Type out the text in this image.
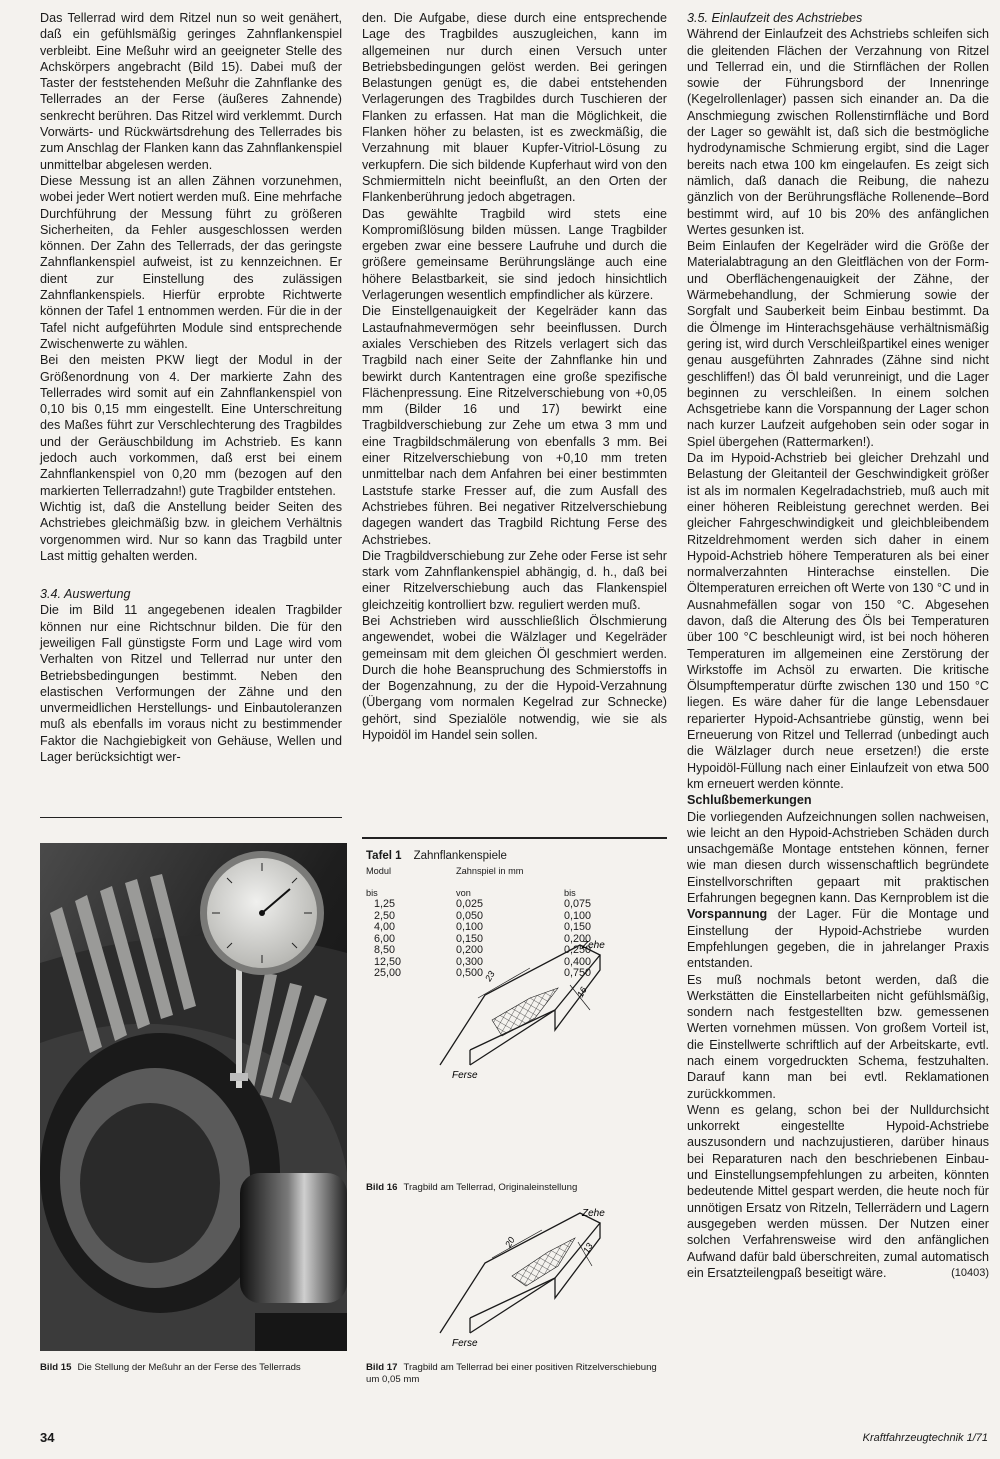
Das Tellerrad wird dem Ritzel nun so weit genähert, daß ein gefühlsmäßig geringes Zahnflankenspiel verbleibt. Eine Meßuhr wird an geeigneter Stelle des Achskörpers angebracht (Bild 15). Dabei muß der Taster der feststehenden Meßuhr die Zahnflanke des Tellerrades an der Ferse (äußeres Zahnende) senkrecht berühren. Das Ritzel wird verklemmt. Durch Vorwärts- und Rückwärtsdrehung des Tellerrades bis zum Anschlag der Flanken kann das Zahnflankenspiel unmittelbar abgelesen werden.

Diese Messung ist an allen Zähnen vorzunehmen, wobei jeder Wert notiert werden muß. Eine mehrfache Durchführung der Messung führt zu größeren Sicherheiten, da Fehler ausgeschlossen werden können. Der Zahn des Tellerrads, der das geringste Zahnflankenspiel aufweist, ist zu kennzeichnen. Er dient zur Einstellung des zulässigen Zahnflankenspiels. Hierfür erprobte Richtwerte können der Tafel 1 entnommen werden. Für die in der Tafel nicht aufgeführten Module sind entsprechende Zwischenwerte zu wählen.

Bei den meisten PKW liegt der Modul in der Größenordnung von 4. Der markierte Zahn des Tellerrades wird somit auf ein Zahnflankenspiel von 0,10 bis 0,15 mm eingestellt. Eine Unterschreitung des Maßes führt zur Verschlechterung des Tragbildes und der Geräuschbildung im Achstrieb. Es kann jedoch auch vorkommen, daß erst bei einem Zahnflankenspiel von 0,20 mm (bezogen auf den markierten Tellerradzahn!) gute Tragbilder entstehen.

Wichtig ist, daß die Anstellung beider Seiten des Achstriebes gleichmäßig bzw. in gleichem Verhältnis vorgenommen wird. Nur so kann das Tragbild unter Last mittig gehalten werden.

3.4. Auswertung

Die im Bild 11 angegebenen idealen Tragbilder können nur eine Richtschnur bilden. Die für den jeweiligen Fall günstigste Form und Lage wird vom Verhalten von Ritzel und Tellerrad nur unter den Betriebsbedingungen bestimmt. Neben den elastischen Verformungen der Zähne und den unvermeidlichen Herstellungs- und Einbautoleranzen muß als ebenfalls im voraus nicht zu bestimmender Faktor die Nachgiebigkeit von Gehäuse, Wellen und Lager berücksichtigt wer-

den. Die Aufgabe, diese durch eine entsprechende Lage des Tragbildes auszugleichen, kann im allgemeinen nur durch einen Versuch unter Betriebsbedingungen gelöst werden. Bei geringen Belastungen genügt es, die dabei entstehenden Verlagerungen des Tragbildes durch Tuschieren der Flanken zu erfassen. Hat man die Möglichkeit, die Flanken höher zu belasten, ist es zweckmäßig, die Verzahnung mit blauer Kupfer-Vitriol-Lösung zu verkupfern. Die sich bildende Kupferhaut wird von den Schmiermitteln nicht beeinflußt, an den Orten der Flankenberührung jedoch abgetragen.

Das gewählte Tragbild wird stets eine Kompromißlösung bilden müssen. Lange Tragbilder ergeben zwar eine bessere Laufruhe und durch die größere gemeinsame Berührungslänge auch eine höhere Belastbarkeit, sie sind jedoch hinsichtlich Verlagerungen wesentlich empfindlicher als kürzere.

Die Einstellgenauigkeit der Kegelräder kann das Lastaufnahmevermögen sehr beeinflussen. Durch axiales Verschieben des Ritzels verlagert sich das Tragbild nach einer Seite der Zahnflanke hin und bewirkt durch Kantentragen eine große spezifische Flächenpressung. Eine Ritzelverschiebung von +0,05 mm (Bilder 16 und 17) bewirkt eine Tragbildverschiebung zur Zehe um etwa 3 mm und eine Tragbildschmälerung von ebenfalls 3 mm. Bei einer Ritzelverschiebung von +0,10 mm treten unmittelbar nach dem Anfahren bei einer bestimmten Laststufe starke Fresser auf, die zum Ausfall des Achstriebes führen. Bei negativer Ritzelverschiebung dagegen wandert das Tragbild Richtung Ferse des Achstriebes.

Die Tragbildverschiebung zur Zehe oder Ferse ist sehr stark vom Zahnflankenspiel abhängig, d. h., daß bei einer Ritzelverschiebung auch das Flankenspiel gleichzeitig kontrolliert bzw. reguliert werden muß.

Bei Achstrieben wird ausschließlich Ölschmierung angewendet, wobei die Wälzlager und Kegelräder gemeinsam mit dem gleichen Öl geschmiert werden. Durch die hohe Beanspruchung des Schmierstoffs in der Bogenzahnung, zu der die Hypoid-Verzahnung (Übergang vom normalen Kegelrad zur Schnecke) gehört, sind Spezialöle notwendig, wie sie als Hypoidöl im Handel sein sollen.

3.5. Einlaufzeit des Achstriebes

Während der Einlaufzeit des Achstriebs schleifen sich die gleitenden Flächen der Verzahnung von Ritzel und Tellerrad ein, und die Stirnflächen der Rollen sowie der Führungsbord der Innenringe (Kegelrollenlager) passen sich einander an. Da die Anschmiegung zwischen Rollenstirnfläche und Bord der Lager so gewählt ist, daß sich die bestmögliche hydrodynamische Schmierung ergibt, sind die Lager bereits nach etwa 100 km eingelaufen. Es zeigt sich nämlich, daß danach die Reibung, die nahezu gänzlich von der Berührungsfläche Rollenende–Bord bestimmt wird, auf 10 bis 20% des anfänglichen Wertes gesunken ist.

Beim Einlaufen der Kegelräder wird die Größe der Materialabtragung an den Gleitflächen von der Form- und Oberflächengenauigkeit der Zähne, der Wärmebehandlung, der Schmierung sowie der Sorgfalt und Sauberkeit beim Einbau bestimmt. Da die Ölmenge im Hinterachsgehäuse verhältnismäßig gering ist, wird durch Verschleißpartikel eines weniger genau ausgeführten Zahnrades (Zähne sind nicht geschliffen!) das Öl bald verunreinigt, und die Lager beginnen zu verschleißen. In einem solchen Achsgetriebe kann die Vorspannung der Lager schon nach kurzer Laufzeit aufgehoben sein oder sogar in Spiel übergehen (Rattermarken!).

Da im Hypoid-Achstrieb bei gleicher Drehzahl und Belastung der Gleitanteil der Geschwindigkeit größer ist als im normalen Kegelradachstrieb, muß auch mit einer höheren Reibleistung gerechnet werden. Bei gleicher Fahrgeschwindigkeit und gleichbleibendem Ritzeldrehmoment werden sich daher in einem Hypoid-Achstrieb höhere Temperaturen als bei einer normalverzahnten Hinterachse einstellen. Die Öltemperaturen erreichen oft Werte von 130 °C und in Ausnahmefällen sogar von 150 °C. Abgesehen davon, daß die Alterung des Öls bei Temperaturen über 100 °C beschleunigt wird, ist bei noch höheren Temperaturen im allgemeinen eine Zerstörung der Wirkstoffe im Achsöl zu erwarten. Die kritische Ölsumpftemperatur dürfte zwischen 130 und 150 °C liegen. Es wäre daher für die lange Lebensdauer reparierter Hypoid-Achsantriebe günstig, wenn bei Erneuerung von Ritzel und Tellerrad (unbedingt auch die Wälzlager durch neue ersetzen!) die erste Hypoidöl-Füllung nach einer Einlaufzeit von etwa 500 km erneuert werden könnte.

Schlußbemerkungen

Die vorliegenden Aufzeichnungen sollen nachweisen, wie leicht an den Hypoid-Achstrieben Schäden durch unsachgemäße Montage entstehen können, ferner wie man diesen durch wissenschaftlich begründete Einstellvorschriften gepaart mit praktischen Erfahrungen begegnen kann. Das Kernproblem ist die Vorspannung der Lager. Für die Montage und Einstellung der Hypoid-Achstriebe wurden Empfehlungen gegeben, die in jahrelanger Praxis entstanden.

Es muß nochmals betont werden, daß die Werkstätten die Einstellarbeiten nicht gefühlsmäßig, sondern nach festgestellten bzw. gemessenen Werten vornehmen müssen. Von großem Vorteil ist, die Einstellwerte schriftlich auf der Arbeitskarte, evtl. nach einem vorgedruckten Schema, festzuhalten. Darauf kann man bei evtl. Reklamationen zurückkommen.

Wenn es gelang, schon bei der Nulldurchsicht unkorrekt eingestellte Hypoid-Achstriebe auszusondern und nachzujustieren, darüber hinaus bei Reparaturen nach den beschriebenen Einbau- und Einstellungsempfehlungen zu arbeiten, könnten bedeutende Mittel gespart werden, die heute noch für unnötigen Ersatz von Ritzeln, Tellerrädern und Lagern ausgegeben werden müssen. Der Nutzen einer solchen Verfahrensweise wird den anfänglichen Aufwand dafür bald überschreiten, zumal automatisch ein Ersatzteilengpaß beseitigt wäre.	(10403)

Bild 15 Die Stellung der Meßuhr an der Ferse des Tellerrads
Tafel 1 Zahnflankenspiele
Modul	Zahnspiel in mm	

bis	von	bis
1,25	0,025	0,075
2,50	0,050	0,100
4,00	0,100	0,150
6,00	0,150	0,200
8,50	0,200	0,250
12,50	0,300	0,400
25,00	0,500	0,750
23
16
Zehe
Ferse
Bild 16 Tragbild am Tellerrad, Originaleinstellung
20	13
Zehe
Ferse
Bild 17 Tragbild am Tellerrad bei einer positiven Ritzelverschiebung um 0,05 mm
34	Kraftfahrzeugtechnik 1/71
